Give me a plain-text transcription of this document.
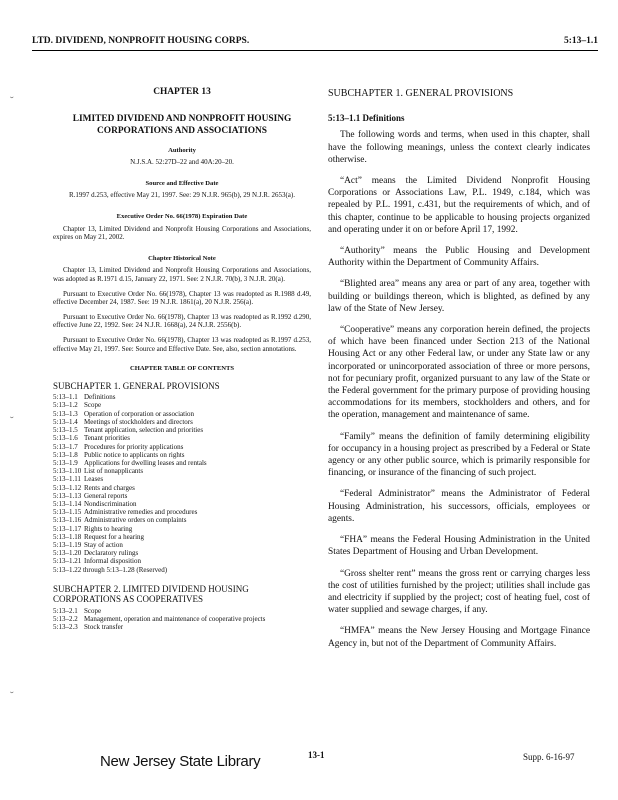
LTD. DIVIDEND, NONPROFIT HOUSING CORPS.	5:13–1.1
˘
˘
˘
CHAPTER 13
LIMITED DIVIDEND AND NONPROFIT HOUSING CORPORATIONS AND ASSOCIATIONS
Authority
N.J.S.A. 52:27D–22 and 40A:20–20.
Source and Effective Date
R.1997 d.253, effective May 21, 1997. See: 29 N.J.R. 965(b), 29 N.J.R. 2653(a).
Executive Order No. 66(1978) Expiration Date
Chapter 13, Limited Dividend and Nonprofit Housing Corporations and Associations, expires on May 21, 2002.
Chapter Historical Note
Chapter 13, Limited Dividend and Nonprofit Housing Corporations and Associations, was adopted as R.1971 d.15, January 22, 1971. See: 2 N.J.R. 70(b), 3 N.J.R. 20(a).
Pursuant to Executive Order No. 66(1978), Chapter 13 was readopted as R.1988 d.49, effective December 24, 1987. See: 19 N.J.R. 1861(a), 20 N.J.R. 256(a).
Pursuant to Executive Order No. 66(1978), Chapter 13 was readopted as R.1992 d.290, effective June 22, 1992. See: 24 N.J.R. 1668(a), 24 N.J.R. 2556(b).
Pursuant to Executive Order No. 66(1978), Chapter 13 was readopted as R.1997 d.253, effective May 21, 1997. See: Source and Effective Date. See, also, section annotations.
CHAPTER TABLE OF CONTENTS
SUBCHAPTER 1. GENERAL PROVISIONS
5:13–1.1 Definitions
5:13–1.2 Scope
5:13–1.3 Operation of corporation or association
5:13–1.4 Meetings of stockholders and directors
5:13–1.5 Tenant application, selection and priorities
5:13–1.6 Tenant priorities
5:13–1.7 Procedures for priority applications
5:13–1.8 Public notice to applicants on rights
5:13–1.9 Applications for dwelling leases and rentals
5:13–1.10 List of nonapplicants
5:13–1.11 Leases
5:13–1.12 Rents and charges
5:13–1.13 General reports
5:13–1.14 Nondiscrimination
5:13–1.15 Administrative remedies and procedures
5:13–1.16 Administrative orders on complaints
5:13–1.17 Rights to hearing
5:13–1.18 Request for a hearing
5:13–1.19 Stay of action
5:13–1.20 Declaratory rulings
5:13–1.21 Informal disposition
5:13–1.22 through 5:13–1.28 (Reserved)
SUBCHAPTER 2. LIMITED DIVIDEND HOUSING CORPORATIONS AS COOPERATIVES
5:13–2.1 Scope
5:13–2.2 Management, operation and maintenance of cooperative projects
5:13–2.3 Stock transfer
SUBCHAPTER 1. GENERAL PROVISIONS
5:13–1.1 Definitions
The following words and terms, when used in this chapter, shall have the following meanings, unless the context clearly indicates otherwise.
“Act” means the Limited Dividend Nonprofit Housing Corporations or Associations Law, P.L. 1949, c.184, which was repealed by P.L. 1991, c.431, but the requirements of which, and of this chapter, continue to be applicable to housing projects organized and operating under it on or before April 17, 1992.
“Authority” means the Public Housing and Development Authority within the Department of Community Affairs.
“Blighted area” means any area or part of any area, together with building or buildings thereon, which is blighted, as defined by any law of the State of New Jersey.
“Cooperative” means any corporation herein defined, the projects of which have been financed under Section 213 of the National Housing Act or any other Federal law, or under any State law or any incorporated or unincorporated association of three or more persons, not for pecuniary profit, organized pursuant to any law of the State or the Federal government for the primary purpose of providing housing accommodations for its members, stockholders and others, and for the operation, management and maintenance of same.
“Family” means the definition of family determining eligibility for occupancy in a housing project as prescribed by a Federal or State agency or any other public source, which is primarily responsible for financing, or insurance of the financing of such project.
“Federal Administrator” means the Administrator of Federal Housing Administration, his successors, officials, employees or agents.
“FHA” means the Federal Housing Administration in the United States Department of Housing and Urban Development.
“Gross shelter rent” means the gross rent or carrying charges less the cost of utilities furnished by the project; utilities shall include gas and electricity if supplied by the project; cost of heating fuel, cost of water supplied and sewage charges, if any.
“HMFA” means the New Jersey Housing and Mortgage Finance Agency in, but not of the Department of Community Affairs.
New Jersey State Library	13-1	Supp. 6-16-97
